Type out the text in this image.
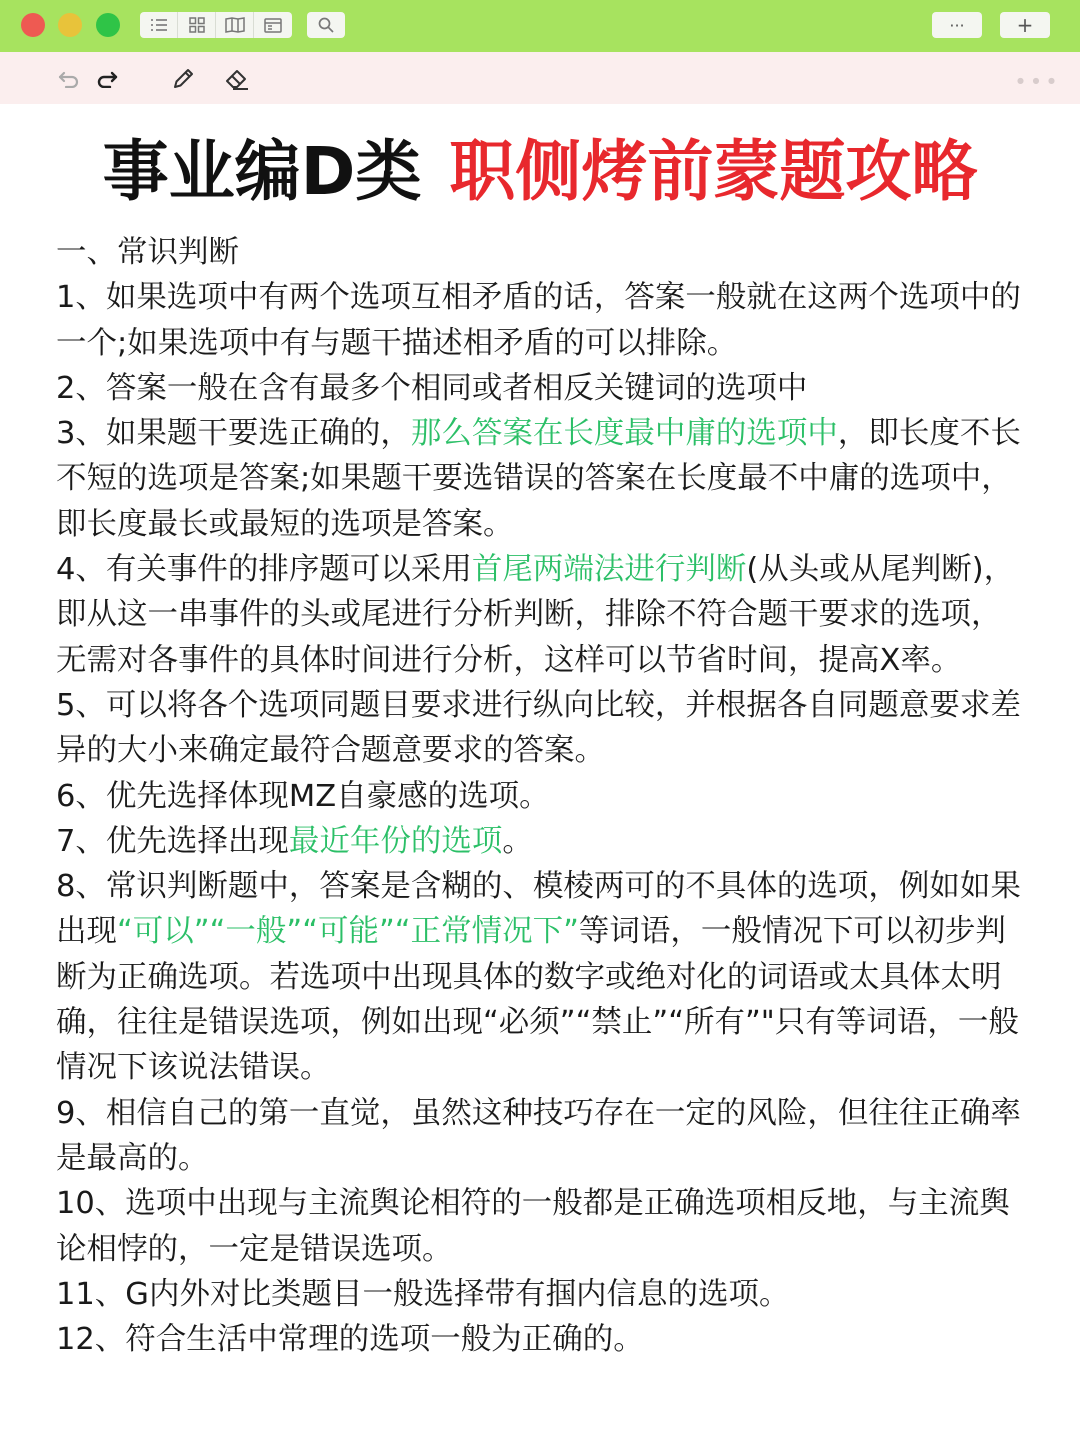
···	+
● ● ●
事业编D类 职侧烤前蒙题攻略

一、常识判断

1、如果选项中有两个选项互相矛盾的话，答案一般就在这两个选项中的一个;如果选项中有与题干描述相矛盾的可以排除。

2、答案一般在含有最多个相同或者相反关键词的选项中

3、如果题干要选正确的，那么答案在长度最中庸的选项中，即长度不长不短的选项是答案;如果题干要选错误的答案在长度最不中庸的选项中，即长度最长或最短的选项是答案。

4、有关事件的排序题可以采用首尾两端法进行判断(从头或从尾判断)，即从这一串事件的头或尾进行分析判断，排除不符合题干要求的选项，无需对各事件的具体时间进行分析，这样可以节省时间，提高X率。

5、可以将各个选项同题目要求进行纵向比较，并根据各自同题意要求差异的大小来确定最符合题意要求的答案。

6、优先选择体现MZ自豪感的选项。

7、优先选择出现最近年份的选项。

8、常识判断题中，答案是含糊的、模棱两可的不具体的选项，例如如果出现“可以”“一般”“可能”“正常情况下”等词语，一般情况下可以初步判断为正确选项。若选项中出现具体的数字或绝对化的词语或太具体太明确，往往是错误选项，例如出现“必须”“禁止”“所有”"只有等词语，一般情况下该说法错误。

9、相信自己的第一直觉，虽然这种技巧存在一定的风险，但往往正确率是最高的。

10、选项中出现与主流舆论相符的一般都是正确选项相反地，与主流舆论相悖的，一定是错误选项。

11、G内外对比类题目一般选择带有掴内信息的选项。

12、符合生活中常理的选项一般为正确的。
